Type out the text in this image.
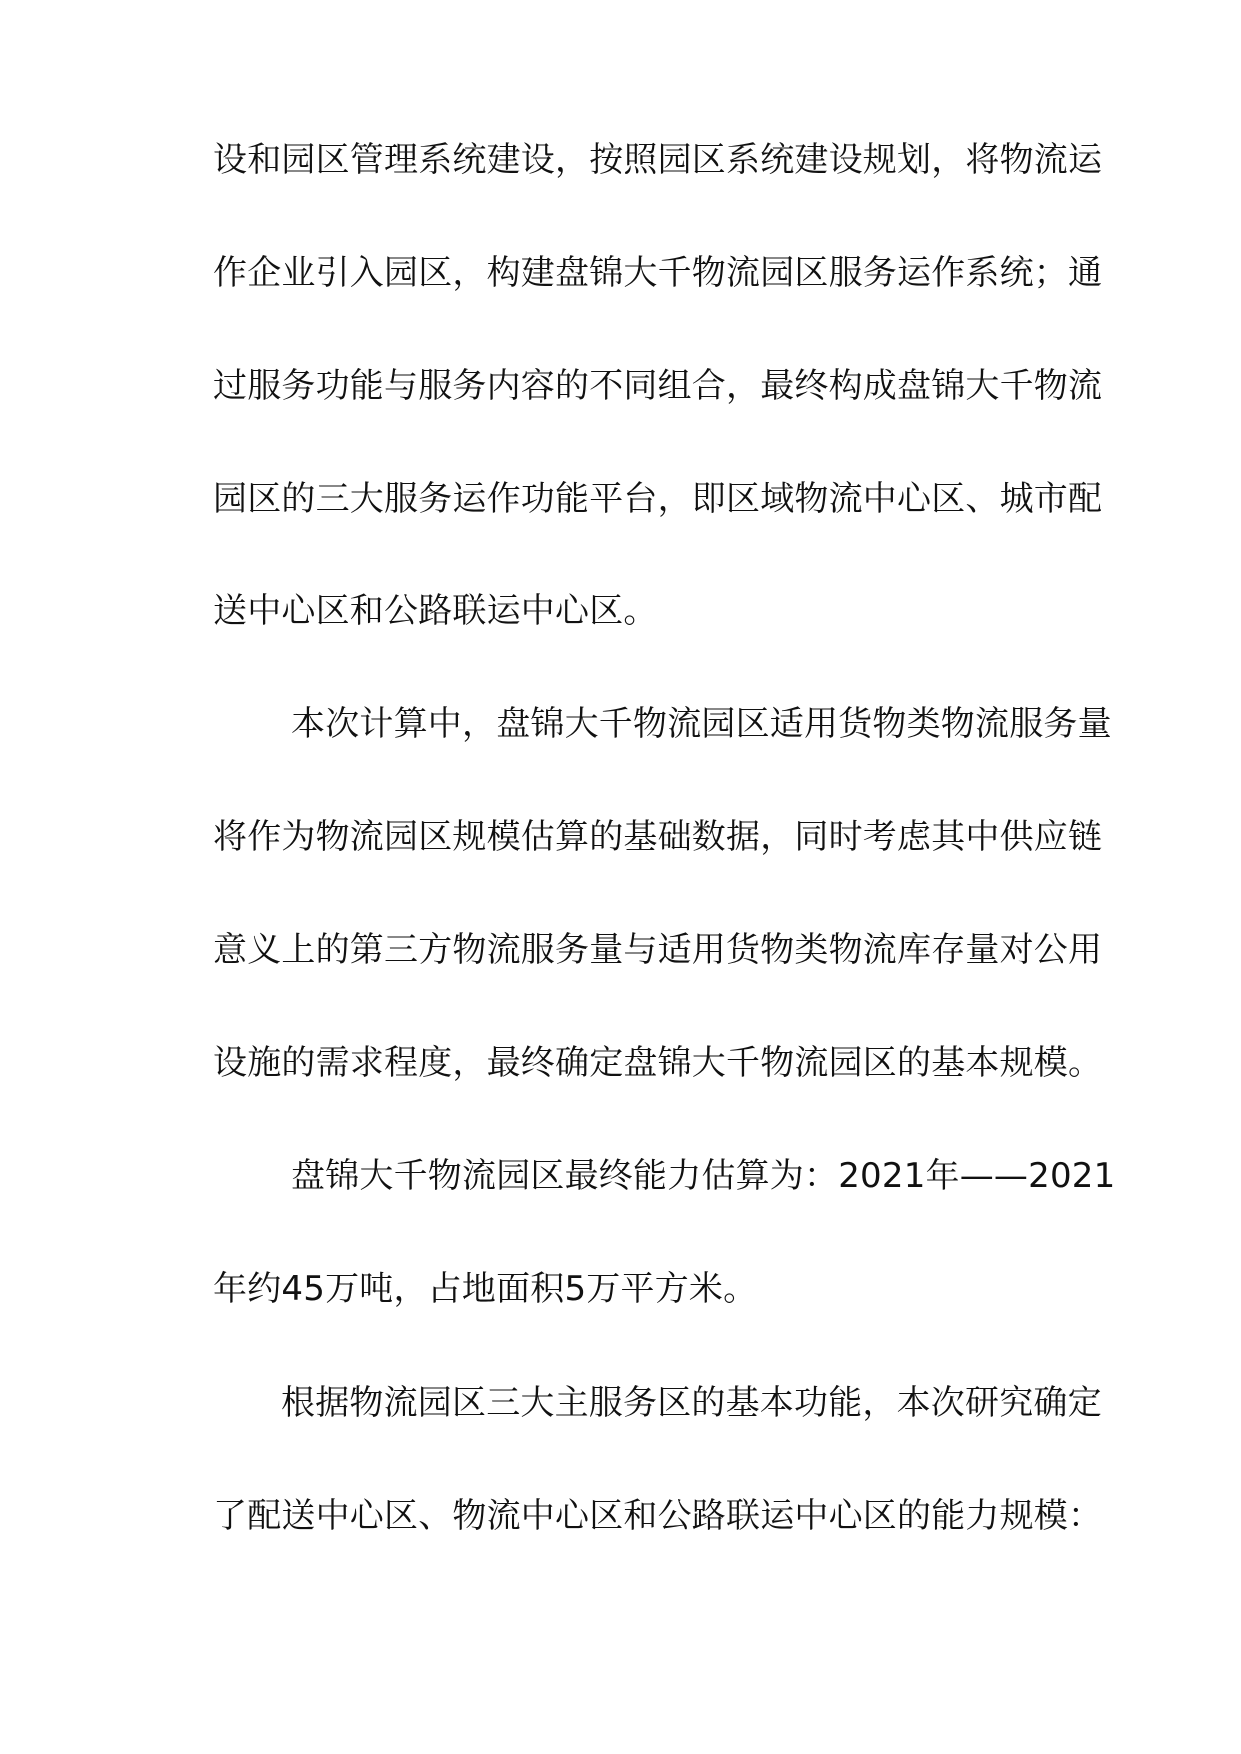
设和园区管理系统建设，按照园区系统建设规划，将物流运
作企业引入园区，构建盘锦大千物流园区服务运作系统；通
过服务功能与服务内容的不同组合，最终构成盘锦大千物流
园区的三大服务运作功能平台，即区域物流中心区、城市配
送中心区和公路联运中心区。
本次计算中，盘锦大千物流园区适用货物类物流服务量
将作为物流园区规模估算的基础数据，同时考虑其中供应链
意义上的第三方物流服务量与适用货物类物流库存量对公用
设施的需求程度，最终确定盘锦大千物流园区的基本规模。
盘锦大千物流园区最终能力估算为：2021年——2021
年约45万吨，占地面积5万平方米。
根据物流园区三大主服务区的基本功能，本次研究确定
了配送中心区、物流中心区和公路联运中心区的能力规模：
